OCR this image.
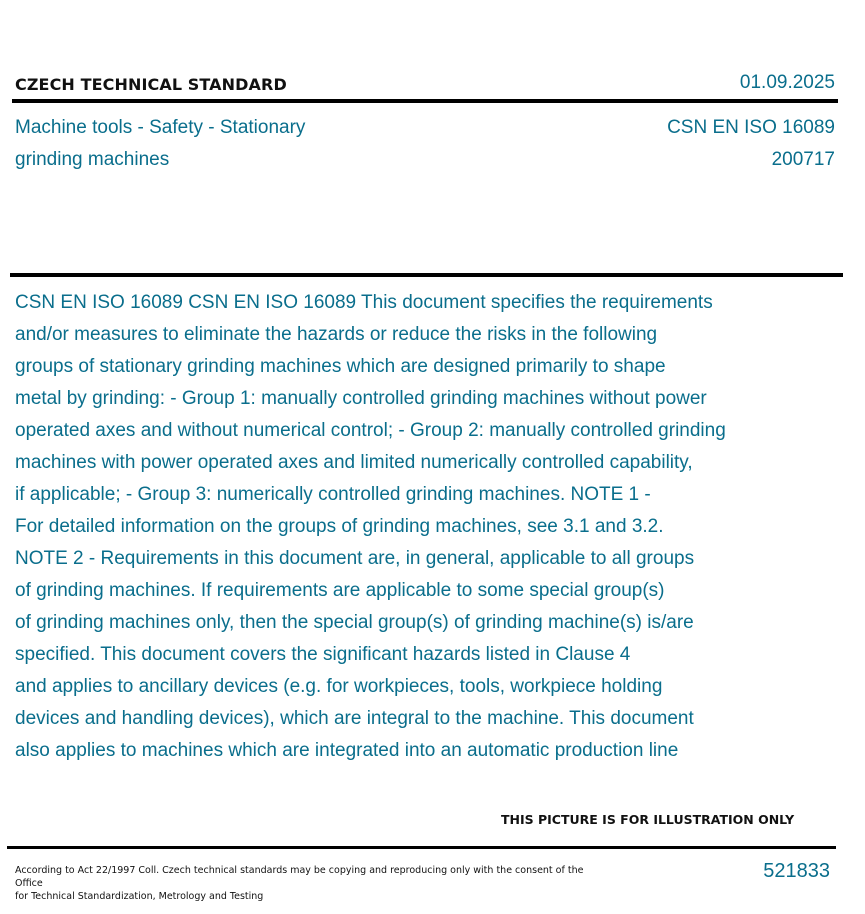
CZECH TECHNICAL STANDARD	01.09.2025
Machine tools - Safety - Stationary
grinding machines
CSN EN ISO 16089
200717
CSN EN ISO 16089 CSN EN ISO 16089 This document specifies the requirements
and/or measures to eliminate the hazards or reduce the risks in the following
groups of stationary grinding machines which are designed primarily to shape
metal by grinding: - Group 1: manually controlled grinding machines without power
operated axes and without numerical control; - Group 2: manually controlled grinding
machines with power operated axes and limited numerically controlled capability,
if applicable; - Group 3: numerically controlled grinding machines. NOTE 1 -
For detailed information on the groups of grinding machines, see 3.1 and 3.2.
NOTE 2 - Requirements in this document are, in general, applicable to all groups
of grinding machines. If requirements are applicable to some special group(s)
of grinding machines only, then the special group(s) of grinding machine(s) is/are
specified. This document covers the significant hazards listed in Clause 4
and applies to ancillary devices (e.g. for workpieces, tools, workpiece holding
devices and handling devices), which are integral to the machine. This document
also applies to machines which are integrated into an automatic production line
THIS PICTURE IS FOR ILLUSTRATION ONLY
According to Act 22/1997 Coll. Czech technical standards may be copying and reproducing only with the consent of the Office
for Technical Standardization, Metrology and Testing
521833
